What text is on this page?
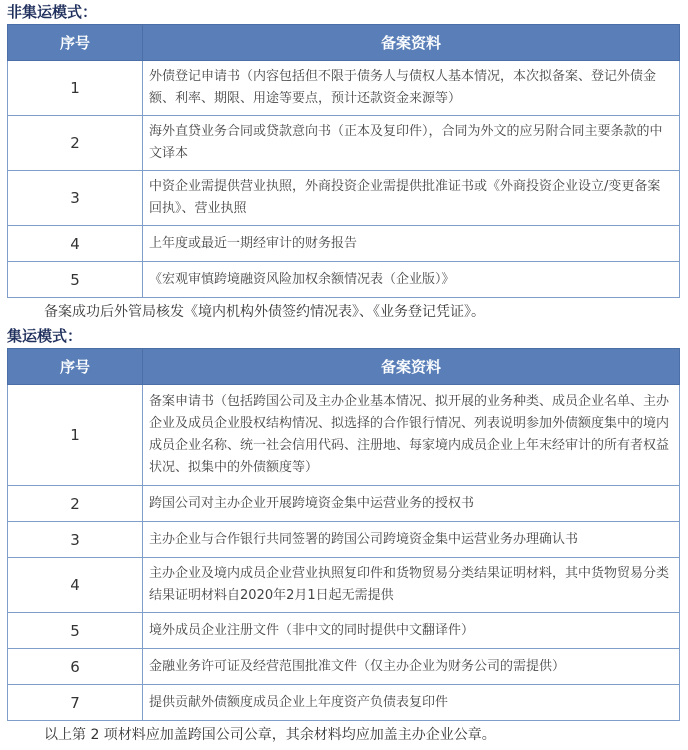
非集运模式：
序号	备案资料
1	外债登记申请书（内容包括但不限于债务人与债权人基本情况，本次拟备案、登记外债金额、利率、期限、用途等要点，预计还款资金来源等）
2	海外直贷业务合同或贷款意向书（正本及复印件），合同为外文的应另附合同主要条款的中文译本
3	中资企业需提供营业执照，外商投资企业需提供批准证书或《外商投资企业设立/变更备案回执》、营业执照
4	上年度或最近一期经审计的财务报告
5	《宏观审慎跨境融资风险加权余额情况表（企业版）》
备案成功后外管局核发《境内机构外债签约情况表》、《业务登记凭证》。
集运模式：
序号	备案资料
1	备案申请书（包括跨国公司及主办企业基本情况、拟开展的业务种类、成员企业名单、主办企业及成员企业股权结构情况、拟选择的合作银行情况、列表说明参加外债额度集中的境内成员企业名称、统一社会信用代码、注册地、每家境内成员企业上年末经审计的所有者权益状况、拟集中的外债额度等）
2	跨国公司对主办企业开展跨境资金集中运营业务的授权书
3	主办企业与合作银行共同签署的跨国公司跨境资金集中运营业务办理确认书
4	主办企业及境内成员企业营业执照复印件和货物贸易分类结果证明材料，其中货物贸易分类结果证明材料自2020年2月1日起无需提供
5	境外成员企业注册文件（非中文的同时提供中文翻译件）
6	金融业务许可证及经营范围批准文件（仅主办企业为财务公司的需提供）
7	提供贡献外债额度成员企业上年度资产负债表复印件
以上第 2 项材料应加盖跨国公司公章，其余材料均应加盖主办企业公章。
